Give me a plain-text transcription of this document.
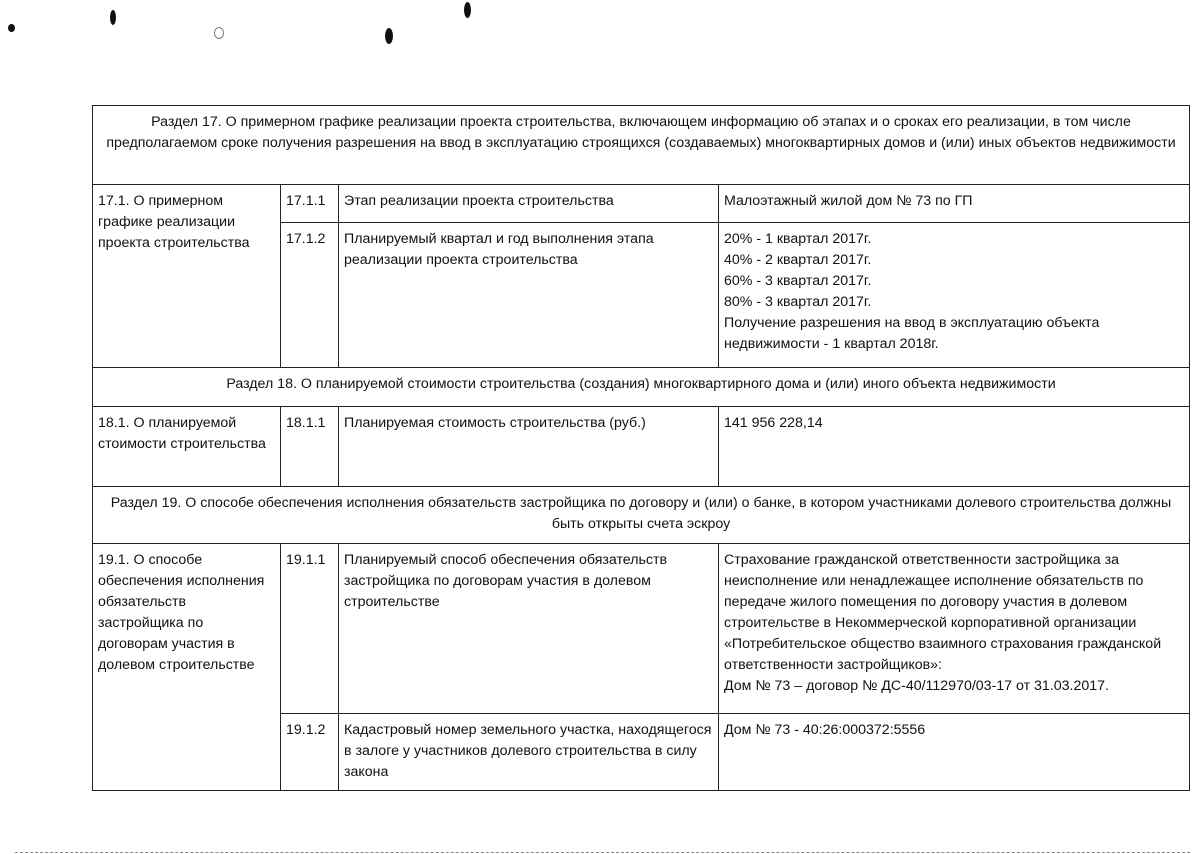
Раздел 17. О примерном графике реализации проекта строительства, включающем информацию об этапах и о сроках его реализации, в том числе предполагаемом сроке получения разрешения на ввод в эксплуатацию строящихся (создаваемых) многоквартирных домов и (или) иных объектов недвижимости			
17.1. О примерном графике реализации проекта строительства	17.1.1	Этап реализации проекта строительства	Малоэтажный жилой дом № 73 по ГП

	17.1.2	Планируемый квартал и год выполнения этапа реализации проекта строительства	20% - 1 квартал 2017г.
40% - 2 квартал 2017г.
60% - 3 квартал 2017г.
80% - 3 квартал 2017г.
Получение разрешения на ввод в эксплуатацию объекта недвижимости - 1 квартал 2018г.

Раздел 18. О планируемой стоимости строительства (создания) многоквартирного дома и (или) иного объекта недвижимости			
18.1. О планируемой стоимости строительства	18.1.1	Планируемая стоимость строительства (руб.)	141 956 228,14

Раздел 19. О способе обеспечения исполнения обязательств застройщика по договору и (или) о банке, в котором участниками долевого строительства должны быть открыты счета эскроу			
19.1. О способе обеспечения исполнения обязательств застройщика по договорам участия в долевом строительстве	19.1.1	Планируемый способ обеспечения обязательств застройщика по договорам участия в долевом строительстве	Страхование гражданской ответственности застройщика за неисполнение или ненадлежащее исполнение обязательств по передаче жилого помещения по договору участия в долевом строительстве в Некоммерческой корпоративной организации «Потребительское общество взаимного страхования гражданской ответственности застройщиков»:
Дом № 73 – договор № ДС-40/112970/03-17 от 31.03.2017.

	19.1.2	Кадастровый номер земельного участка, находящегося в залоге у участников долевого строительства в силу закона	Дом № 73 - 40:26:000372:5556
